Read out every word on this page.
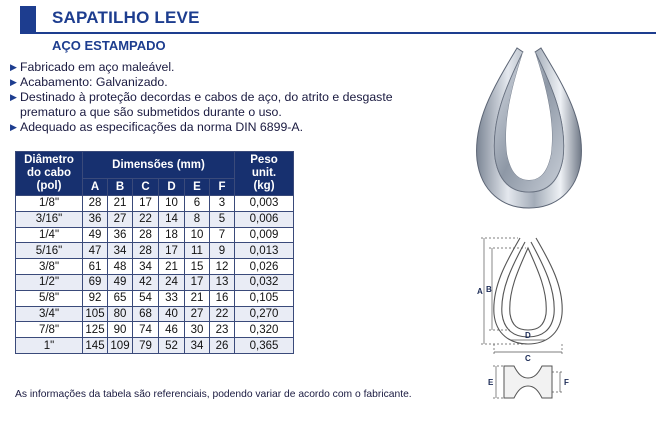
SAPATILHO LEVE
AÇO ESTAMPADO
▶ Fabricado em aço maleável.
▶ Acabamento: Galvanizado.
▶ Destinado à proteção decordas e cabos de aço, do atrito e desgaste prematuro a que são submetidos durante o uso.
▶ Adequado as especificações da norma DIN 6899-A.
Diâmetro
do cabo
(pol)	Dimensões (mm)						Peso
unit.
(kg)
	A	B	C	D	E	F	
1/8"	28	21	17	10	6	3	0,003
3/16"	36	27	22	14	8	5	0,006
1/4"	49	36	28	18	10	7	0,009
5/16"	47	34	28	17	11	9	0,013
3/8"	61	48	34	21	15	12	0,026
1/2"	69	49	42	24	17	13	0,032
5/8"	92	65	54	33	21	16	0,105
3/4"	105	80	68	40	27	22	0,270
7/8"	125	90	74	46	30	23	0,320
1"	145	109	79	52	34	26	0,365
As informações da tabela são referenciais, podendo variar de acordo com o fabricante.
A B
D
C
E	F
